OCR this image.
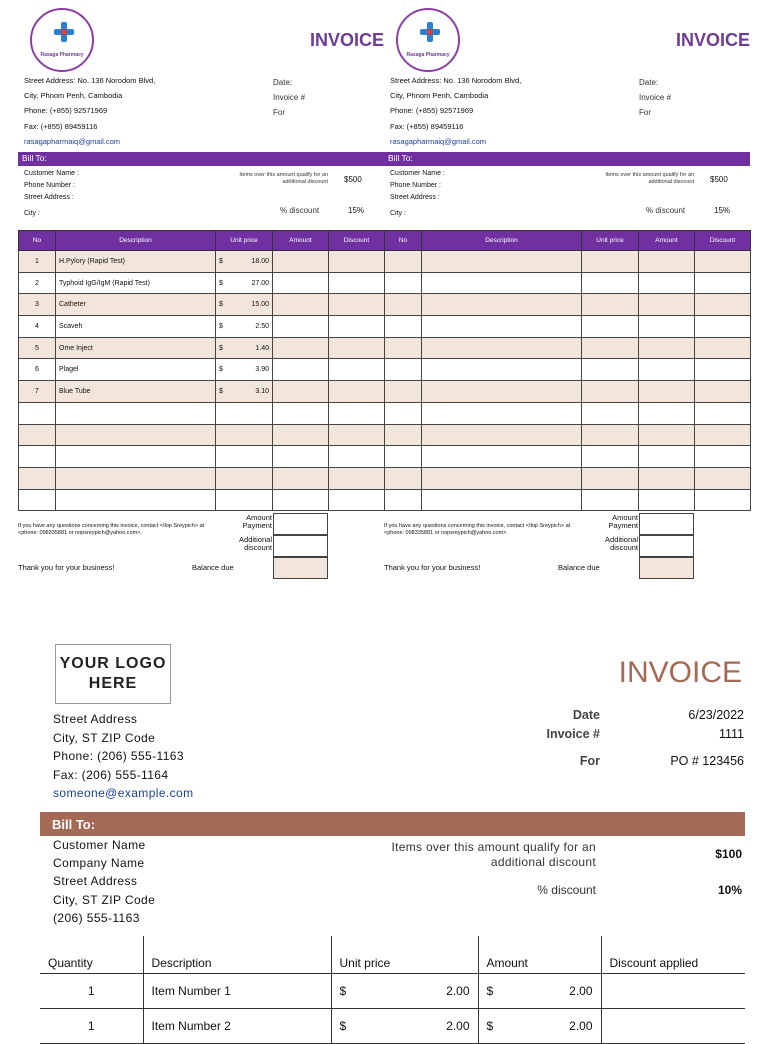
Rasaga Pharmacy
INVOICE
Street Address: No. 136 Norodom Blvd,
City, Phnom Penh, Cambodia
Phone: (+855) 92571969
Fax: (+855) 89459116
rasagapharmaiq@gmail.com
Date:
Invoice #
For
Bill To:
Customer Name :
Phone Number :
Street Address :
City :
Items over this amount qualify for an additional discount $500
% discount	15%
No	Description	Unit price	Amount	Discount
1	H.Pylory (Rapid Test)	$ 18.00		

2	Typhoid IgG/IgM (Rapid Test)	$ 27.00		

3	Catheter	$ 15.00		

4	Scaveh	$ 2.50		

5	Ome Inject	$ 1.40		

6	Plagel	$ 3.90		

7	Blue Tube	$ 3.10		

If you have any questions concerning this invoice, contact <Ilop Sreypich> at <phone: 098335881 or nopsreypich@yahoo.com>.
Amount Payment
Additional discount
Thank you for your business!	Balance due
Rasaga Pharmacy
INVOICE
Street Address: No. 136 Norodom Blvd,
City, Phnom Penh, Cambodia
Phone: (+855) 92571969
Fax: (+855) 89459116
rasagapharmaiq@gmail.com
Date:
Invoice #
For
Bill To:
Customer Name :
Phone Number :
Street Address :
City :
Items over this amount qualify for an additional discount $500
% discount	15%
No	Description	Unit price	Amount	Discount

If you have any questions concerning this invoice, contact <Ilop Sreypich> at <phone: 098335881 or nopsreypich@yahoo.com>.
Amount Payment
Additional discount
Thank you for your business!	Balance due
YOUR LOGO HERE	INVOICE
Street Address
City, ST ZIP Code
Phone: (206) 555-1163
Fax: (206) 555-1164
someone@example.com
Date	6/23/2022
Invoice #	1111
For	PO # 123456
Bill To:
Customer Name
Company Name
Street Address
City, ST ZIP Code
(206) 555-1163
Items over this amount qualify for an additional discount
$100
% discount	10%
Quantity	Description	Unit price	Amount	Discount applied
1	Item Number 1	$ 2.00	$ 2.00	

1	Item Number 2	$ 2.00	$ 2.00	
